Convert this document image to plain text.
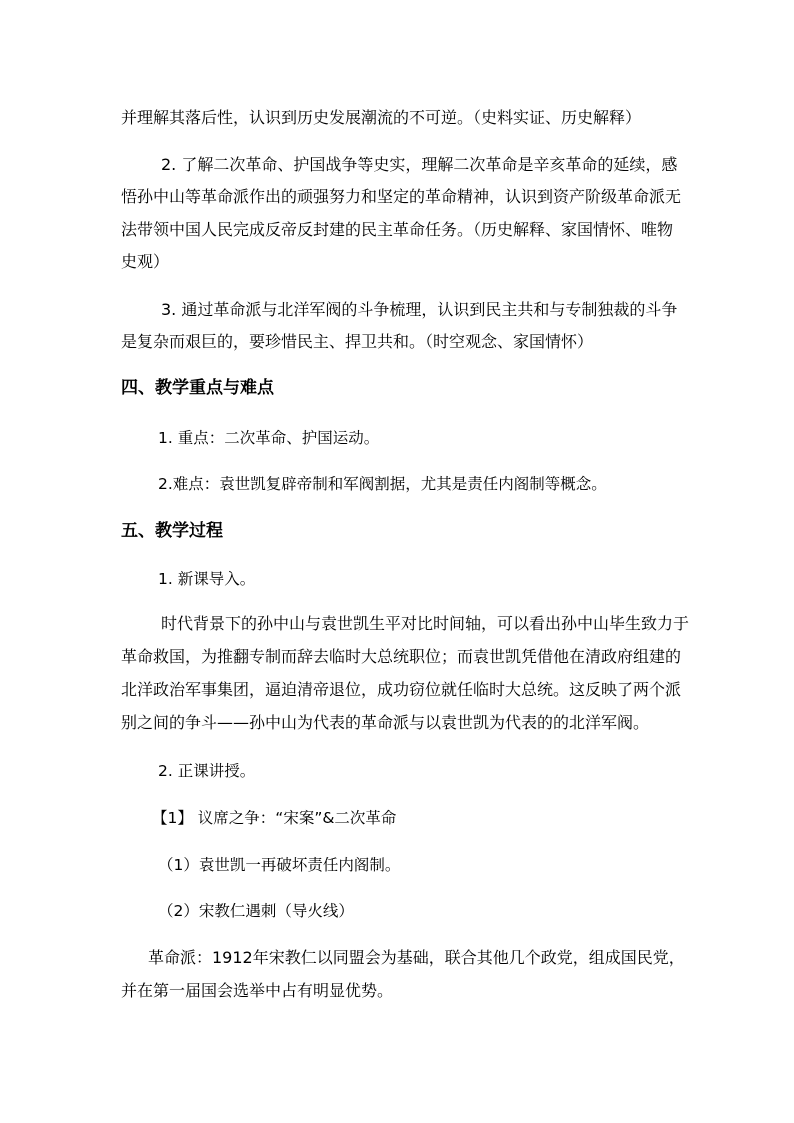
并理解其落后性，认识到历史发展潮流的不可逆。（史料实证、历史解释）
2. 了解二次革命、护国战争等史实，理解二次革命是辛亥革命的延续，感
悟孙中山等革命派作出的顽强努力和坚定的革命精神，认识到资产阶级革命派无
法带领中国人民完成反帝反封建的民主革命任务。（历史解释、家国情怀、唯物
史观）
3. 通过革命派与北洋军阀的斗争梳理，认识到民主共和与专制独裁的斗争
是复杂而艰巨的，要珍惜民主、捍卫共和。（时空观念、家国情怀）
四、教学重点与难点
1. 重点：二次革命、护国运动。
2.难点：袁世凯复辟帝制和军阀割据，尤其是责任内阁制等概念。
五、教学过程
1. 新课导入。
时代背景下的孙中山与袁世凯生平对比时间轴，可以看出孙中山毕生致力于
革命救国，为推翻专制而辞去临时大总统职位；而袁世凯凭借他在清政府组建的
北洋政治军事集团，逼迫清帝退位，成功窃位就任临时大总统。这反映了两个派
别之间的争斗——孙中山为代表的革命派与以袁世凯为代表的的北洋军阀。
2. 正课讲授。
【1】 议席之争：“宋案”&二次革命
（1）袁世凯一再破坏责任内阁制。
（2）宋教仁遇刺（导火线）
革命派：1912年宋教仁以同盟会为基础，联合其他几个政党，组成国民党，
并在第一届国会选举中占有明显优势。
